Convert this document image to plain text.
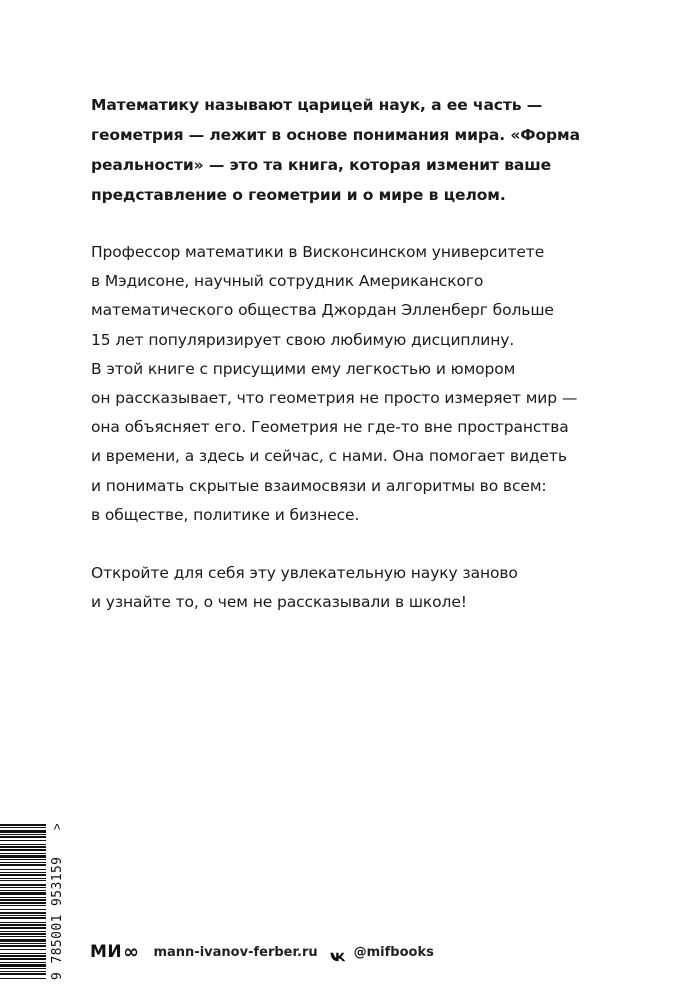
Математику называют царицей наук, а ее часть —

геометрия — лежит в основе понимания мира. «Форма

реальности» — это та книга, которая изменит ваше

представление о геометрии и о мире в целом.

Профессор математики в Висконсинском университете

в Мэдисоне, научный сотрудник Американского

математического общества Джордан Элленберг больше

15 лет популяризирует свою любимую дисциплину.

В этой книге с присущими ему легкостью и юмором

он рассказывает, что геометрия не просто измеряет мир —

она объясняет его. Геометрия не где-то вне пространства

и времени, а здесь и сейчас, с нами. Она помогает видеть

и понимать скрытые взаимосвязи и алгоритмы во всем:

в обществе, политике и бизнесе.

Откройте для себя эту увлекательную науку заново

и узнайте то, о чем не рассказывали в школе!

9 785001 953159
>
МИ ∞ mann-ivanov-ferber.ru	@mifbooks
